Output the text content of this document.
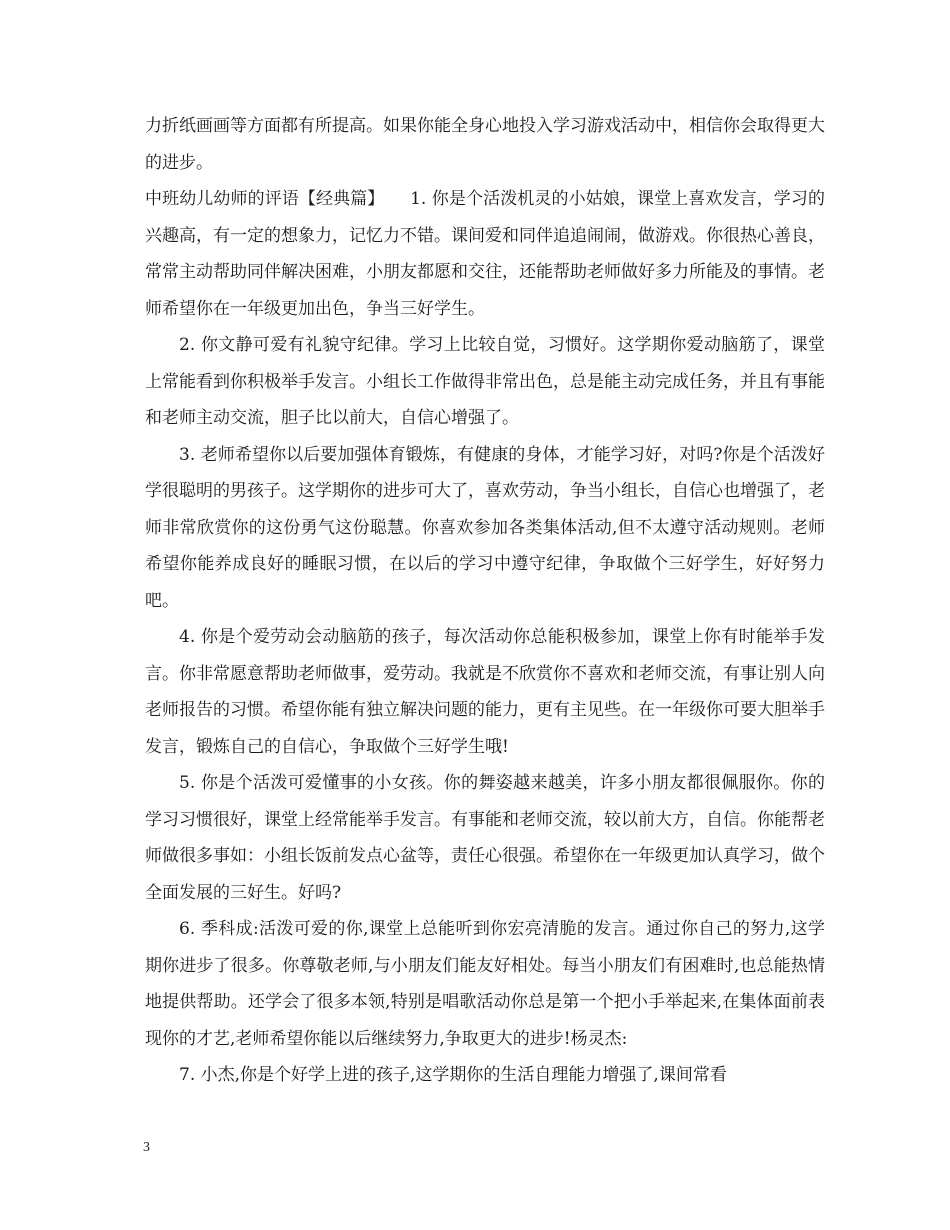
力折纸画画等方面都有所提高。如果你能全身心地投入学习游戏活动中，相信你会取得更大的进步。

中班幼儿幼师的评语【经典篇】　　1. 你是个活泼机灵的小姑娘，课堂上喜欢发言，学习的兴趣高，有一定的想象力，记忆力不错。课间爱和同伴追追闹闹，做游戏。你很热心善良，常常主动帮助同伴解决困难，小朋友都愿和交往，还能帮助老师做好多力所能及的事情。老师希望你在一年级更加出色，争当三好学生。

2. 你文静可爱有礼貌守纪律。学习上比较自觉，习惯好。这学期你爱动脑筋了，课堂上常能看到你积极举手发言。小组长工作做得非常出色，总是能主动完成任务，并且有事能和老师主动交流，胆子比以前大，自信心增强了。

3. 老师希望你以后要加强体育锻炼，有健康的身体，才能学习好，对吗?你是个活泼好学很聪明的男孩子。这学期你的进步可大了，喜欢劳动，争当小组长，自信心也增强了，老师非常欣赏你的这份勇气这份聪慧。你喜欢参加各类集体活动,但不太遵守活动规则。老师希望你能养成良好的睡眠习惯，在以后的学习中遵守纪律，争取做个三好学生，好好努力吧。

4. 你是个爱劳动会动脑筋的孩子，每次活动你总能积极参加，课堂上你有时能举手发言。你非常愿意帮助老师做事，爱劳动。我就是不欣赏你不喜欢和老师交流，有事让别人向老师报告的习惯。希望你能有独立解决问题的能力，更有主见些。在一年级你可要大胆举手发言，锻炼自己的自信心，争取做个三好学生哦!

5. 你是个活泼可爱懂事的小女孩。你的舞姿越来越美，许多小朋友都很佩服你。你的学习习惯很好，课堂上经常能举手发言。有事能和老师交流，较以前大方，自信。你能帮老师做很多事如：小组长饭前发点心盆等，责任心很强。希望你在一年级更加认真学习，做个全面发展的三好生。好吗?

6. 季科成:活泼可爱的你,课堂上总能听到你宏亮清脆的发言。通过你自己的努力,这学期你进步了很多。你尊敬老师,与小朋友们能友好相处。每当小朋友们有困难时,也总能热情地提供帮助。还学会了很多本领,特别是唱歌活动你总是第一个把小手举起来,在集体面前表现你的才艺,老师希望你能以后继续努力,争取更大的进步!杨灵杰:

7. 小杰,你是个好学上进的孩子,这学期你的生活自理能力增强了,课间常看

3
